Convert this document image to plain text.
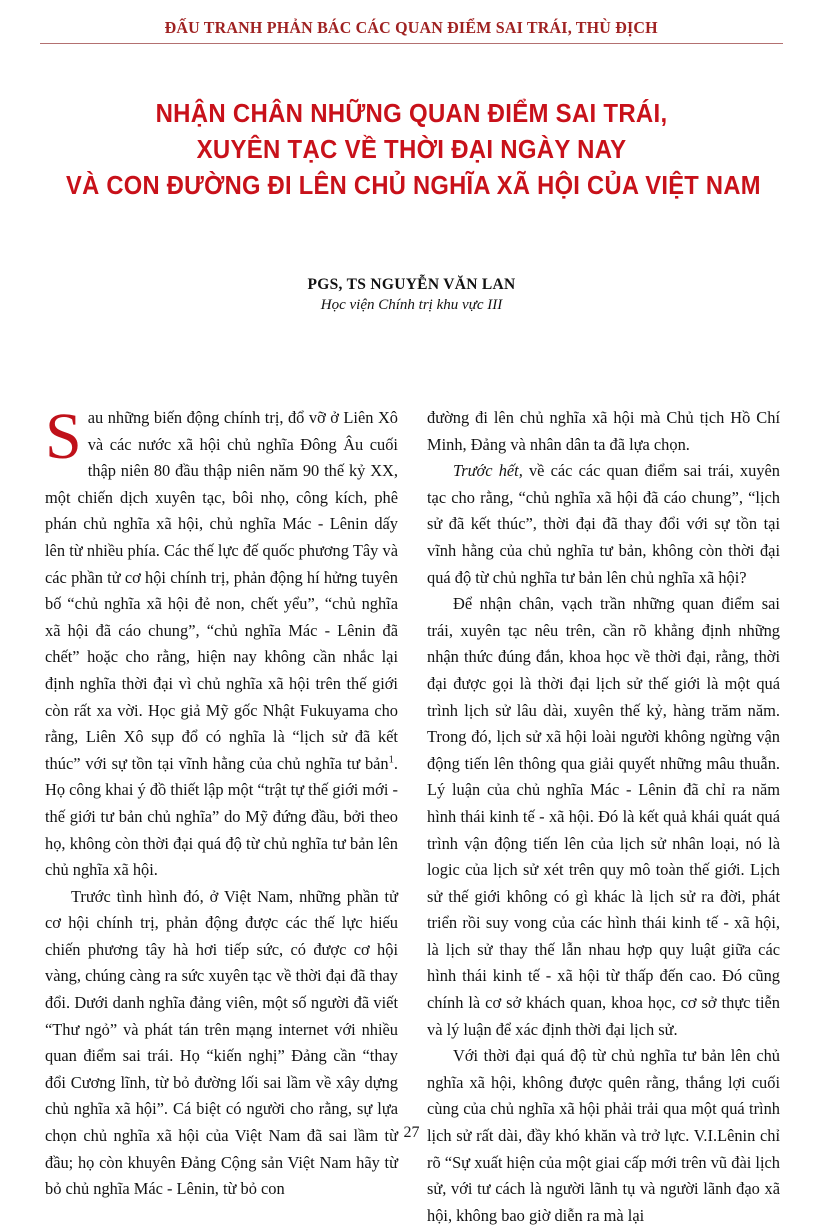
ĐẤU TRANH PHẢN BÁC CÁC QUAN ĐIỂM SAI TRÁI, THÙ ĐỊCH
NHẬN CHÂN NHỮNG QUAN ĐIỂM SAI TRÁI,
XUYÊN TẠC VỀ THỜI ĐẠI NGÀY NAY
VÀ CON ĐƯỜNG ĐI LÊN CHỦ NGHĨA XÃ HỘI CỦA VIỆT NAM
PGS, TS NGUYỄN VĂN LAN
Học viện Chính trị khu vực III

Sau những biến động chính trị, đổ vỡ ở Liên Xô và các nước xã hội chủ nghĩa Đông Âu cuối thập niên 80 đầu thập niên năm 90 thế kỷ XX, một chiến dịch xuyên tạc, bôi nhọ, công kích, phê phán chủ nghĩa xã hội, chủ nghĩa Mác - Lênin dấy lên từ nhiều phía. Các thế lực đế quốc phương Tây và các phần tử cơ hội chính trị, phản động hí hửng tuyên bố “chủ nghĩa xã hội đẻ non, chết yểu”, “chủ nghĩa xã hội đã cáo chung”, “chủ nghĩa Mác - Lênin đã chết” hoặc cho rằng, hiện nay không cần nhắc lại định nghĩa thời đại vì chủ nghĩa xã hội trên thế giới còn rất xa vời. Học giả Mỹ gốc Nhật Fukuyama cho rằng, Liên Xô sụp đổ có nghĩa là “lịch sử đã kết thúc” với sự tồn tại vĩnh hằng của chủ nghĩa tư bản$^1$. Họ công khai ý đồ thiết lập một “trật tự thế giới mới - thế giới tư bản chủ nghĩa” do Mỹ đứng đầu, bởi theo họ, không còn thời đại quá độ từ chủ nghĩa tư bản lên chủ nghĩa xã hội.

Trước tình hình đó, ở Việt Nam, những phần tử cơ hội chính trị, phản động được các thế lực hiếu chiến phương tây hà hơi tiếp sức, có được cơ hội vàng, chúng càng ra sức xuyên tạc về thời đại đã thay đổi. Dưới danh nghĩa đảng viên, một số người đã viết “Thư ngỏ” và phát tán trên mạng internet với nhiều quan điểm sai trái. Họ “kiến nghị” Đảng cần “thay đổi Cương lĩnh, từ bỏ đường lối sai lầm về xây dựng chủ nghĩa xã hội”. Cá biệt có người cho rằng, sự lựa chọn chủ nghĩa xã hội của Việt Nam đã sai lầm từ đầu; họ còn khuyên Đảng Cộng sản Việt Nam hãy từ bỏ chủ nghĩa Mác - Lênin, từ bỏ con

đường đi lên chủ nghĩa xã hội mà Chủ tịch Hồ Chí Minh, Đảng và nhân dân ta đã lựa chọn.

Trước hết, về các các quan điểm sai trái, xuyên tạc cho rằng, “chủ nghĩa xã hội đã cáo chung”, “lịch sử đã kết thúc”, thời đại đã thay đổi với sự tồn tại vĩnh hằng của chủ nghĩa tư bản, không còn thời đại quá độ từ chủ nghĩa tư bản lên chủ nghĩa xã hội?

Để nhận chân, vạch trần những quan điểm sai trái, xuyên tạc nêu trên, cần rõ khẳng định những nhận thức đúng đắn, khoa học về thời đại, rằng, thời đại được gọi là thời đại lịch sử thế giới là một quá trình lịch sử lâu dài, xuyên thế kỷ, hàng trăm năm. Trong đó, lịch sử xã hội loài người không ngừng vận động tiến lên thông qua giải quyết những mâu thuẫn. Lý luận của chủ nghĩa Mác - Lênin đã chỉ ra năm hình thái kinh tế - xã hội. Đó là kết quả khái quát quá trình vận động tiến lên của lịch sử nhân loại, nó là logic của lịch sử xét trên quy mô toàn thế giới. Lịch sử thế giới không có gì khác là lịch sử ra đời, phát triển rồi suy vong của các hình thái kinh tế - xã hội, là lịch sử thay thế lẫn nhau hợp quy luật giữa các hình thái kinh tế - xã hội từ thấp đến cao. Đó cũng chính là cơ sở khách quan, khoa học, cơ sở thực tiễn và lý luận để xác định thời đại lịch sử.

Với thời đại quá độ từ chủ nghĩa tư bản lên chủ nghĩa xã hội, không được quên rằng, thắng lợi cuối cùng của chủ nghĩa xã hội phải trải qua một quá trình lịch sử rất dài, đầy khó khăn và trở lực. V.I.Lênin chỉ rõ “Sự xuất hiện của một giai cấp mới trên vũ đài lịch sử, với tư cách là người lãnh tụ và người lãnh đạo xã hội, không bao giờ diễn ra mà lại

27
